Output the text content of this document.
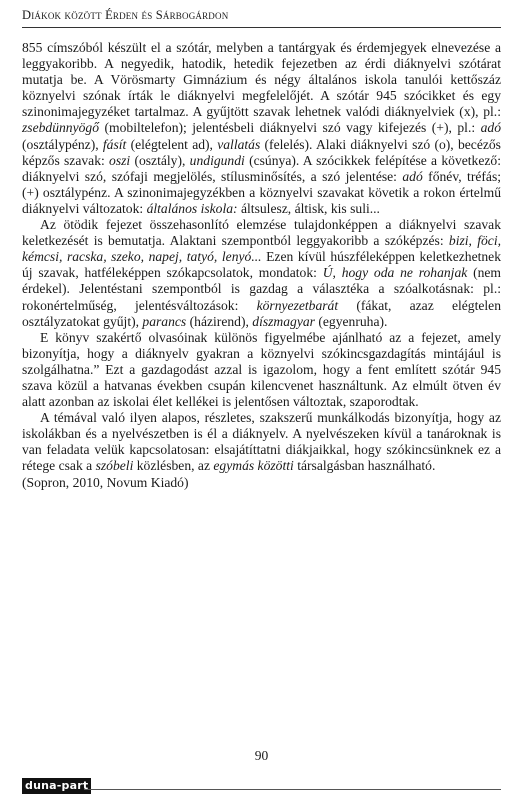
Diákok között Érden és Sárbogárdon

855 címszóból készült el a szótár, melyben a tantárgyak és érdemjegyek elnevezése a leggyakoribb. A negyedik, hatodik, hetedik fejezetben az érdi diáknyelvi szótárat mutatja be. A Vörösmarty Gimnázium és négy általános iskola tanulói kettőszáz köznyelvi szónak írták le diáknyelvi megfelelőjét. A szótár 945 szócikket és egy szinonimajegyzéket tartalmaz. A gyűjtött szavak lehetnek valódi diáknyelviek (x), pl.: zsebdünnyögő (mobiltelefon); jelentésbeli diáknyelvi szó vagy kifejezés (+), pl.: adó (osztálypénz), fásít (elégtelent ad), vallatás (felelés). Alaki diáknyelvi szó (o), becézős képzős szavak: oszi (osztály), undigundi (csúnya). A szócikkek felépítése a következő: diáknyelvi szó, szófaji megjelölés, stílusminősítés, a szó jelentése: adó főnév, tréfás; (+) osztálypénz. A szinonimajegyzékben a köznyelvi szavakat követik a rokon értelmű diáknyelvi változatok: általános iskola: áltsulesz, áltisk, kis suli...

Az ötödik fejezet összehasonlító elemzése tulajdonképpen a diáknyelvi szavak keletkezését is bemutatja. Alaktani szempontból leggyakoribb a szóképzés: bizi, föci, kémcsi, racska, szeko, napej, tatyó, lenyó... Ezen kívül húszféleképpen keletkezhetnek új szavak, hatféleképpen szókapcsolatok, mondatok: Ú, hogy oda ne rohanjak (nem érdekel). Jelentéstani szempontból is gazdag a választéka a szóalkotásnak: pl.: rokonértelműség, jelentésváltozások: környezetbarát (fákat, azaz elégtelen osztályzatokat gyűjt), parancs (házirend), díszmagyar (egyenruha).

E könyv szakértő olvasóinak különös figyelmébe ajánlható az a fejezet, amely bizonyítja, hogy a diáknyelv gyakran a köznyelvi szókincsgazdagítás mintájául is szolgálhatna.” Ezt a gazdagodást azzal is igazolom, hogy a fent említett szótár 945 szava közül a hatvanas években csupán kilencvenet használtunk. Az elmúlt ötven év alatt azonban az iskolai élet kellékei is jelentősen változtak, szaporodtak.

A témával való ilyen alapos, részletes, szakszerű munkálkodás bizonyítja, hogy az iskolákban és a nyelvészetben is él a diáknyelv. A nyelvészeken kívül a tanároknak is van feladata velük kapcsolatosan: elsajátíttatni diákjaikkal, hogy szókincsünknek ez a rétege csak a szóbeli közlésben, az egymás közötti társalgásban használható.

(Sopron, 2010, Novum Kiadó)

90
duna-part
